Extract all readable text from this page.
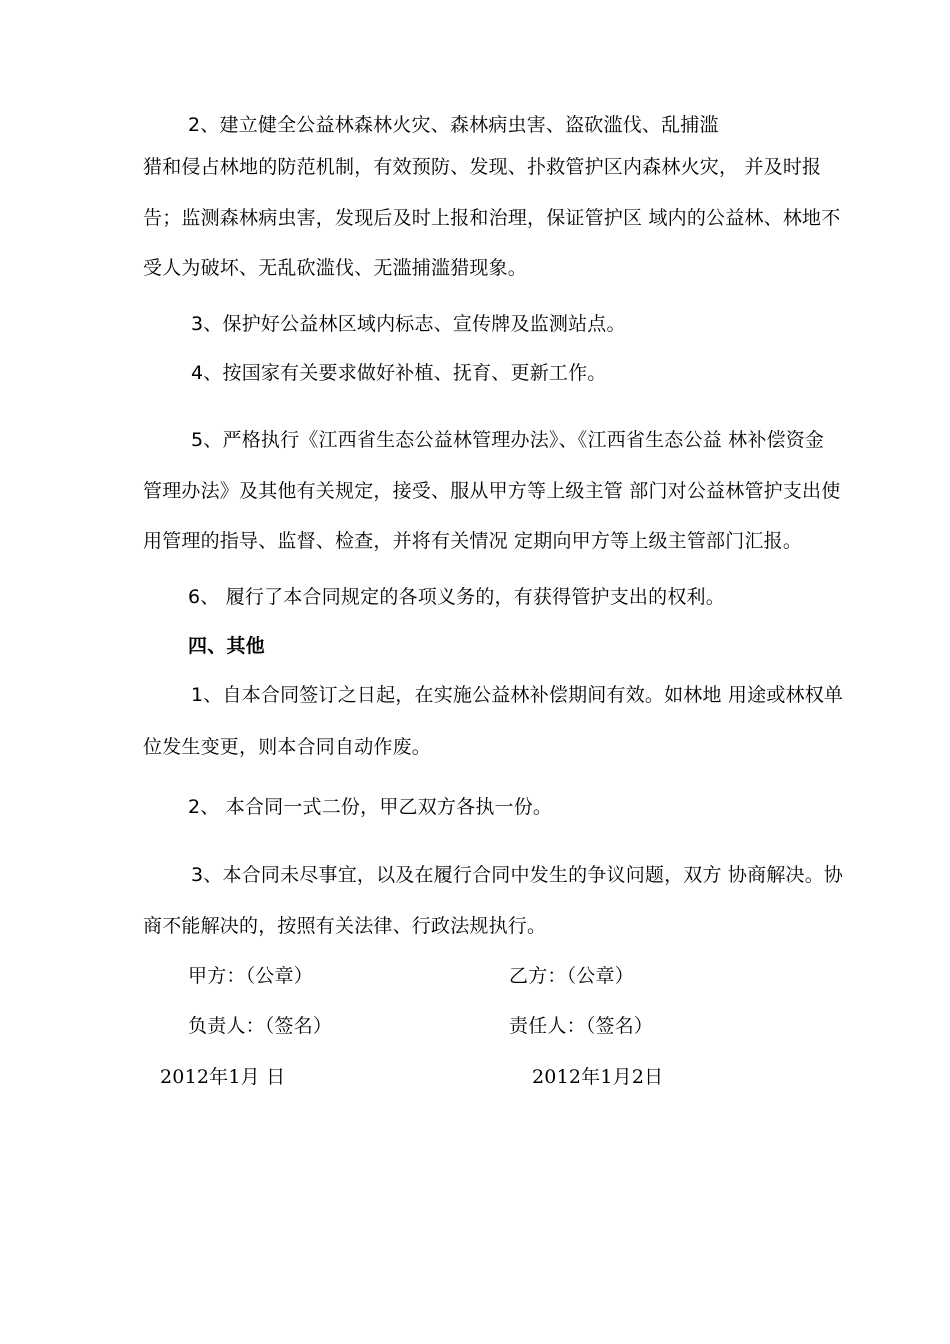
2、建立健全公益林森林火灾、森林病虫害、盗砍滥伐、乱捕滥
猎和侵占林地的防范机制，有效预防、发现、扑救管护区内森林火灾， 并及时报
告；监测森林病虫害，发现后及时上报和治理，保证管护区 域内的公益林、林地不
受人为破坏、无乱砍滥伐、无滥捕滥猎现象。
3、保护好公益林区域内标志、宣传牌及监测站点。
4、按国家有关要求做好补植、抚育、更新工作。
5、严格执行《江西省生态公益林管理办法》、《江西省生态公益 林补偿资金
管理办法》及其他有关规定，接受、服从甲方等上级主管 部门对公益林管护支出使
用管理的指导、监督、检查，并将有关情况 定期向甲方等上级主管部门汇报。
6、 履行了本合同规定的各项义务的，有获得管护支出的权利。
四、其他
1、自本合同签订之日起，在实施公益林补偿期间有效。如林地 用途或林权单
位发生变更，则本合同自动作废。
2、 本合同一式二份，甲乙双方各执一份。
3、本合同未尽事宜，以及在履行合同中发生的争议问题，双方 协商解决。协
商不能解决的，按照有关法律、行政法规执行。
甲方：（公章）	乙方：（公章）
负责人：（签名）	责任人：（签名）
2012年1月 日	2012年1月2日
